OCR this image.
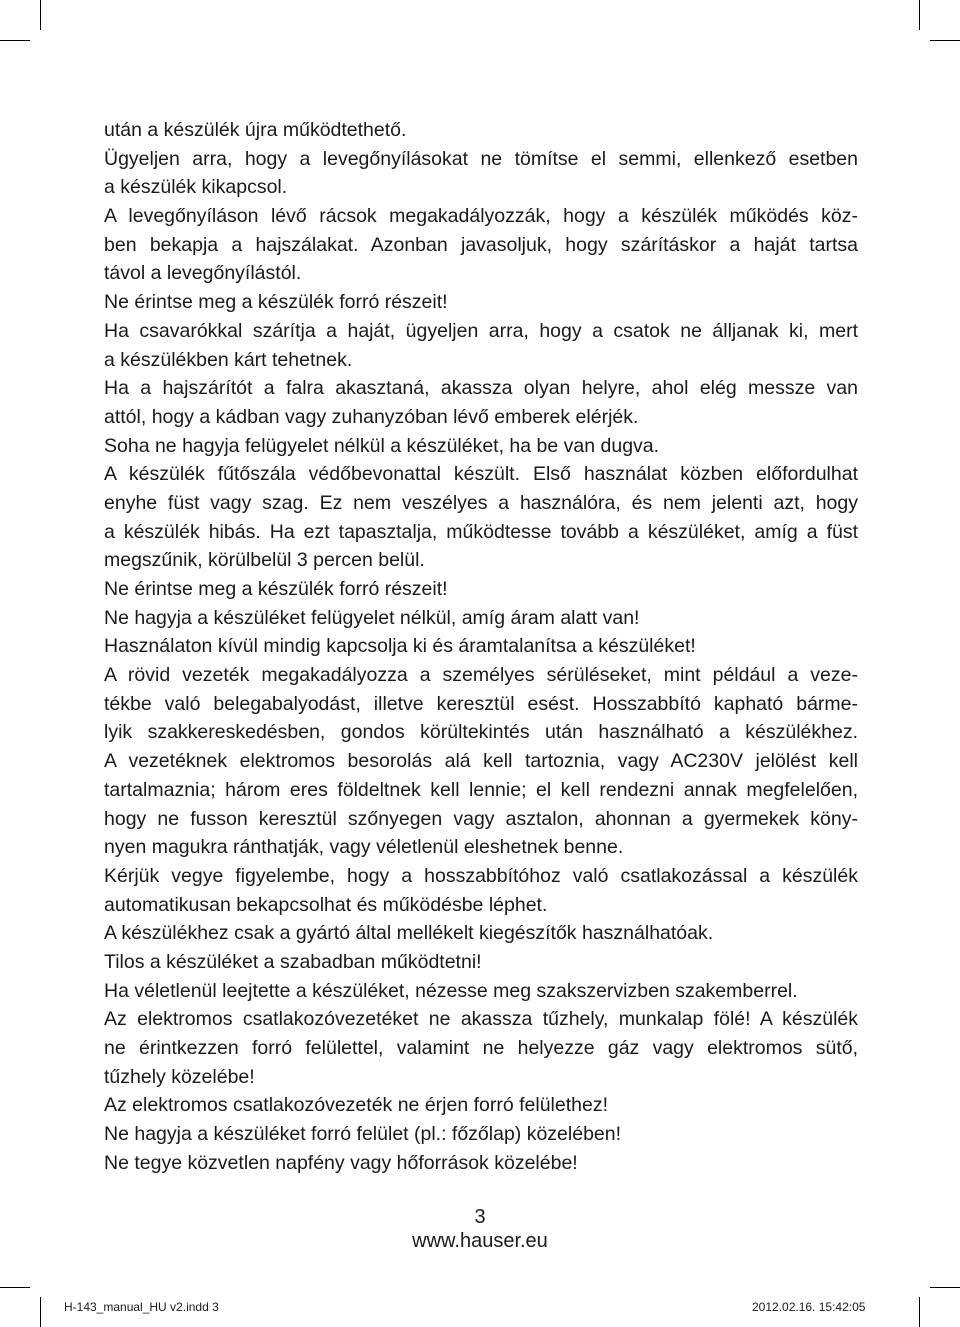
után a készülék újra működtethető.
Ügyeljen arra, hogy a levegőnyílásokat ne tömítse el semmi, ellenkező esetben
a készülék kikapcsol.
A levegőnyíláson lévő rácsok megakadályozzák, hogy a készülék működés köz-
ben bekapja a hajszálakat. Azonban javasoljuk, hogy szárításkor a haját tartsa
távol a levegőnyílástól.
Ne érintse meg a készülék forró részeit!
Ha csavarókkal szárítja a haját, ügyeljen arra, hogy a csatok ne álljanak ki, mert
a készülékben kárt tehetnek.
Ha a hajszárítót a falra akasztaná, akassza olyan helyre, ahol elég messze van
attól, hogy a kádban vagy zuhanyzóban lévő emberek elérjék.
Soha ne hagyja felügyelet nélkül a készüléket, ha be van dugva.
A készülék fűtőszála védőbevonattal készült. Első használat közben előfordulhat
enyhe füst vagy szag. Ez nem veszélyes a használóra, és nem jelenti azt, hogy
a készülék hibás. Ha ezt tapasztalja, működtesse tovább a készüléket, amíg a füst
megszűnik, körülbelül 3 percen belül.
Ne érintse meg a készülék forró részeit!
Ne hagyja a készüléket felügyelet nélkül, amíg áram alatt van!
Használaton kívül mindig kapcsolja ki és áramtalanítsa a készüléket!
A rövid vezeték megakadályozza a személyes sérüléseket, mint például a veze-
tékbe való belegabalyodást, illetve keresztül esést. Hosszabbító kapható bárme-
lyik szakkereskedésben, gondos körültekintés után használható a készülékhez.
A vezetéknek elektromos besorolás alá kell tartoznia, vagy AC230V jelölést kell
tartalmaznia; három eres földeltnek kell lennie; el kell rendezni annak megfelelően,
hogy ne fusson keresztül szőnyegen vagy asztalon, ahonnan a gyermekek köny-
nyen magukra ránthatják, vagy véletlenül eleshetnek benne.
Kérjük vegye figyelembe, hogy a hosszabbítóhoz való csatlakozással a készülék
automatikusan bekapcsolhat és működésbe léphet.
A készülékhez csak a gyártó által mellékelt kiegészítők használhatóak.
Tilos a készüléket a szabadban működtetni!
Ha véletlenül leejtette a készüléket, nézesse meg szakszervizben szakemberrel.
Az elektromos csatlakozóvezetéket ne akassza tűzhely, munkalap fölé! A készülék
ne érintkezzen forró felülettel, valamint ne helyezze gáz vagy elektromos sütő,
tűzhely közelébe!
Az elektromos csatlakozóvezeték ne érjen forró felülethez!
Ne hagyja a készüléket forró felület (pl.: főzőlap) közelében!
Ne tegye közvetlen napfény vagy hőforrások közelébe!
3
www.hauser.eu
H-143_manual_HU v2.indd 3	2012.02.16. 15:42:05
